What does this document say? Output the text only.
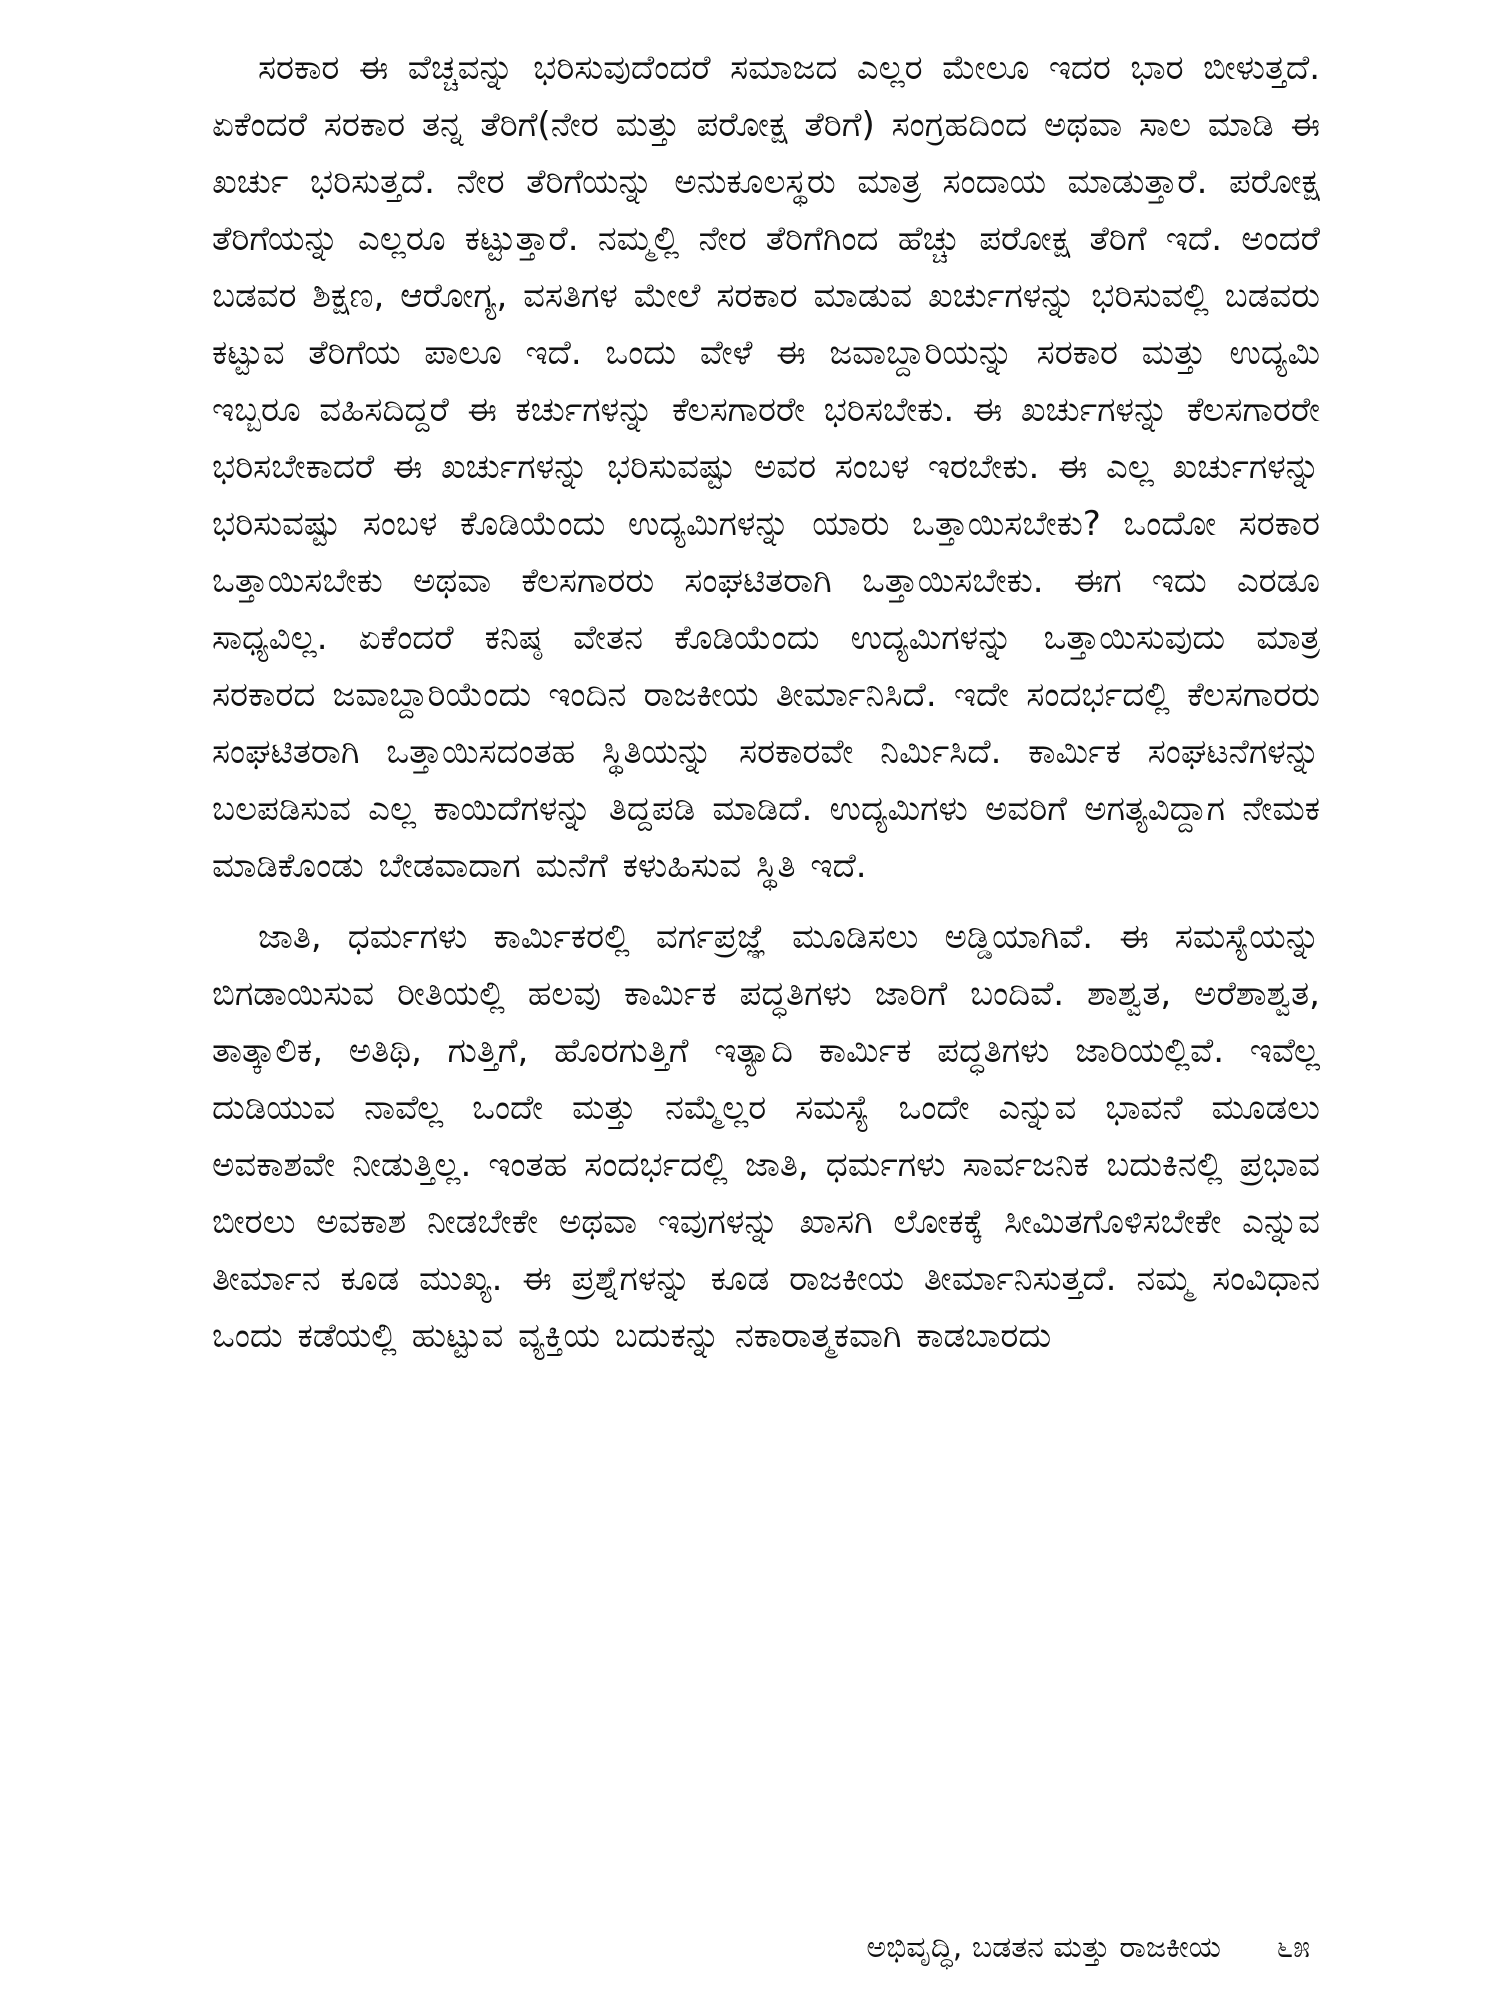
ಸರಕಾರ ಈ ವೆಚ್ಚವನ್ನು ಭರಿಸುವುದೆಂದರೆ ಸಮಾಜದ ಎಲ್ಲರ ಮೇಲೂ ಇದರ ಭಾರ ಬೀಳುತ್ತದೆ. ಏಕೆಂದರೆ ಸರಕಾರ ತನ್ನ ತೆರಿಗೆ(ನೇರ ಮತ್ತು ಪರೋಕ್ಷ ತೆರಿಗೆ) ಸಂಗ್ರಹದಿಂದ ಅಥವಾ ಸಾಲ ಮಾಡಿ ಈ ಖರ್ಚು ಭರಿಸುತ್ತದೆ. ನೇರ ತೆರಿಗೆಯನ್ನು ಅನುಕೂಲಸ್ಥರು ಮಾತ್ರ ಸಂದಾಯ ಮಾಡುತ್ತಾರೆ. ಪರೋಕ್ಷ ತೆರಿಗೆಯನ್ನು ಎಲ್ಲರೂ ಕಟ್ಟುತ್ತಾರೆ. ನಮ್ಮಲ್ಲಿ ನೇರ ತೆರಿಗೆಗಿಂದ ಹೆಚ್ಚು ಪರೋಕ್ಷ ತೆರಿಗೆ ಇದೆ. ಅಂದರೆ ಬಡವರ ಶಿಕ್ಷಣ, ಆರೋಗ್ಯ, ವಸತಿಗಳ ಮೇಲೆ ಸರಕಾರ ಮಾಡುವ ಖರ್ಚುಗಳನ್ನು ಭರಿಸುವಲ್ಲಿ ಬಡವರು ಕಟ್ಟುವ ತೆರಿಗೆಯ ಪಾಲೂ ಇದೆ. ಒಂದು ವೇಳೆ ಈ ಜವಾಬ್ದಾರಿಯನ್ನು ಸರಕಾರ ಮತ್ತು ಉದ್ಯಮಿ ಇಬ್ಬರೂ ವಹಿಸದಿದ್ದರೆ ಈ ಕರ್ಚುಗಳನ್ನು ಕೆಲಸಗಾರರೇ ಭರಿಸಬೇಕು. ಈ ಖರ್ಚುಗಳನ್ನು ಕೆಲಸಗಾರರೇ ಭರಿಸಬೇಕಾದರೆ ಈ ಖರ್ಚುಗಳನ್ನು ಭರಿಸುವಷ್ಟು ಅವರ ಸಂಬಳ ಇರಬೇಕು. ಈ ಎಲ್ಲ ಖರ್ಚುಗಳನ್ನು ಭರಿಸುವಷ್ಟು ಸಂಬಳ ಕೊಡಿಯೆಂದು ಉದ್ಯಮಿಗಳನ್ನು ಯಾರು ಒತ್ತಾಯಿಸಬೇಕು? ಒಂದೋ ಸರಕಾರ ಒತ್ತಾಯಿಸಬೇಕು ಅಥವಾ ಕೆಲಸಗಾರರು ಸಂಘಟಿತರಾಗಿ ಒತ್ತಾಯಿಸಬೇಕು. ಈಗ ಇದು ಎರಡೂ ಸಾಧ್ಯವಿಲ್ಲ. ಏಕೆಂದರೆ ಕನಿಷ್ಠ ವೇತನ ಕೊಡಿಯೆಂದು ಉದ್ಯಮಿಗಳನ್ನು ಒತ್ತಾಯಿಸುವುದು ಮಾತ್ರ ಸರಕಾರದ ಜವಾಬ್ದಾರಿಯೆಂದು ಇಂದಿನ ರಾಜಕೀಯ ತೀರ್ಮಾನಿಸಿದೆ. ಇದೇ ಸಂದರ್ಭದಲ್ಲಿ ಕೆಲಸಗಾರರು ಸಂಘಟಿತರಾಗಿ ಒತ್ತಾಯಿಸದಂತಹ ಸ್ಥಿತಿಯನ್ನು ಸರಕಾರವೇ ನಿರ್ಮಿಸಿದೆ. ಕಾರ್ಮಿಕ ಸಂಘಟನೆಗಳನ್ನು ಬಲಪಡಿಸುವ ಎಲ್ಲ ಕಾಯಿದೆಗಳನ್ನು ತಿದ್ದಪಡಿ ಮಾಡಿದೆ. ಉದ್ಯಮಿಗಳು ಅವರಿಗೆ ಅಗತ್ಯವಿದ್ದಾಗ ನೇಮಕ ಮಾಡಿಕೊಂಡು ಬೇಡವಾದಾಗ ಮನೆಗೆ ಕಳುಹಿಸುವ ಸ್ಥಿತಿ ಇದೆ.

ಜಾತಿ, ಧರ್ಮಗಳು ಕಾರ್ಮಿಕರಲ್ಲಿ ವರ್ಗಪ್ರಜ್ಞೆ ಮೂಡಿಸಲು ಅಡ್ಡಿಯಾಗಿವೆ. ಈ ಸಮಸ್ಯೆಯನ್ನು ಬಿಗಡಾಯಿಸುವ ರೀತಿಯಲ್ಲಿ ಹಲವು ಕಾರ್ಮಿಕ ಪದ್ಧತಿಗಳು ಜಾರಿಗೆ ಬಂದಿವೆ. ಶಾಶ್ವತ, ಅರೆಶಾಶ್ವತ, ತಾತ್ಕಾಲಿಕ, ಅತಿಥಿ, ಗುತ್ತಿಗೆ, ಹೊರಗುತ್ತಿಗೆ ಇತ್ಯಾದಿ ಕಾರ್ಮಿಕ ಪದ್ಧತಿಗಳು ಜಾರಿಯಲ್ಲಿವೆ. ಇವೆಲ್ಲ ದುಡಿಯುವ ನಾವೆಲ್ಲ ಒಂದೇ ಮತ್ತು ನಮ್ಮೆಲ್ಲರ ಸಮಸ್ಯೆ ಒಂದೇ ಎನ್ನುವ ಭಾವನೆ ಮೂಡಲು ಅವಕಾಶವೇ ನೀಡುತ್ತಿಲ್ಲ. ಇಂತಹ ಸಂದರ್ಭದಲ್ಲಿ ಜಾತಿ, ಧರ್ಮಗಳು ಸಾರ್ವಜನಿಕ ಬದುಕಿನಲ್ಲಿ ಪ್ರಭಾವ ಬೀರಲು ಅವಕಾಶ ನೀಡಬೇಕೇ ಅಥವಾ ಇವುಗಳನ್ನು ಖಾಸಗಿ ಲೋಕಕ್ಕೆ ಸೀಮಿತಗೊಳಿಸಬೇಕೇ ಎನ್ನುವ ತೀರ್ಮಾನ ಕೂಡ ಮುಖ್ಯ. ಈ ಪ್ರಶ್ನೆಗಳನ್ನು ಕೂಡ ರಾಜಕೀಯ ತೀರ್ಮಾನಿಸುತ್ತದೆ. ನಮ್ಮ ಸಂವಿಧಾನ ಒಂದು ಕಡೆಯಲ್ಲಿ ಹುಟ್ಟುವ ವ್ಯಕ್ತಿಯ ಬದುಕನ್ನು ನಕಾರಾತ್ಮಕವಾಗಿ ಕಾಡಬಾರದು

ಅಭಿವೃದ್ಧಿ, ಬಡತನ ಮತ್ತು ರಾಜಕೀಯ ೬೫
